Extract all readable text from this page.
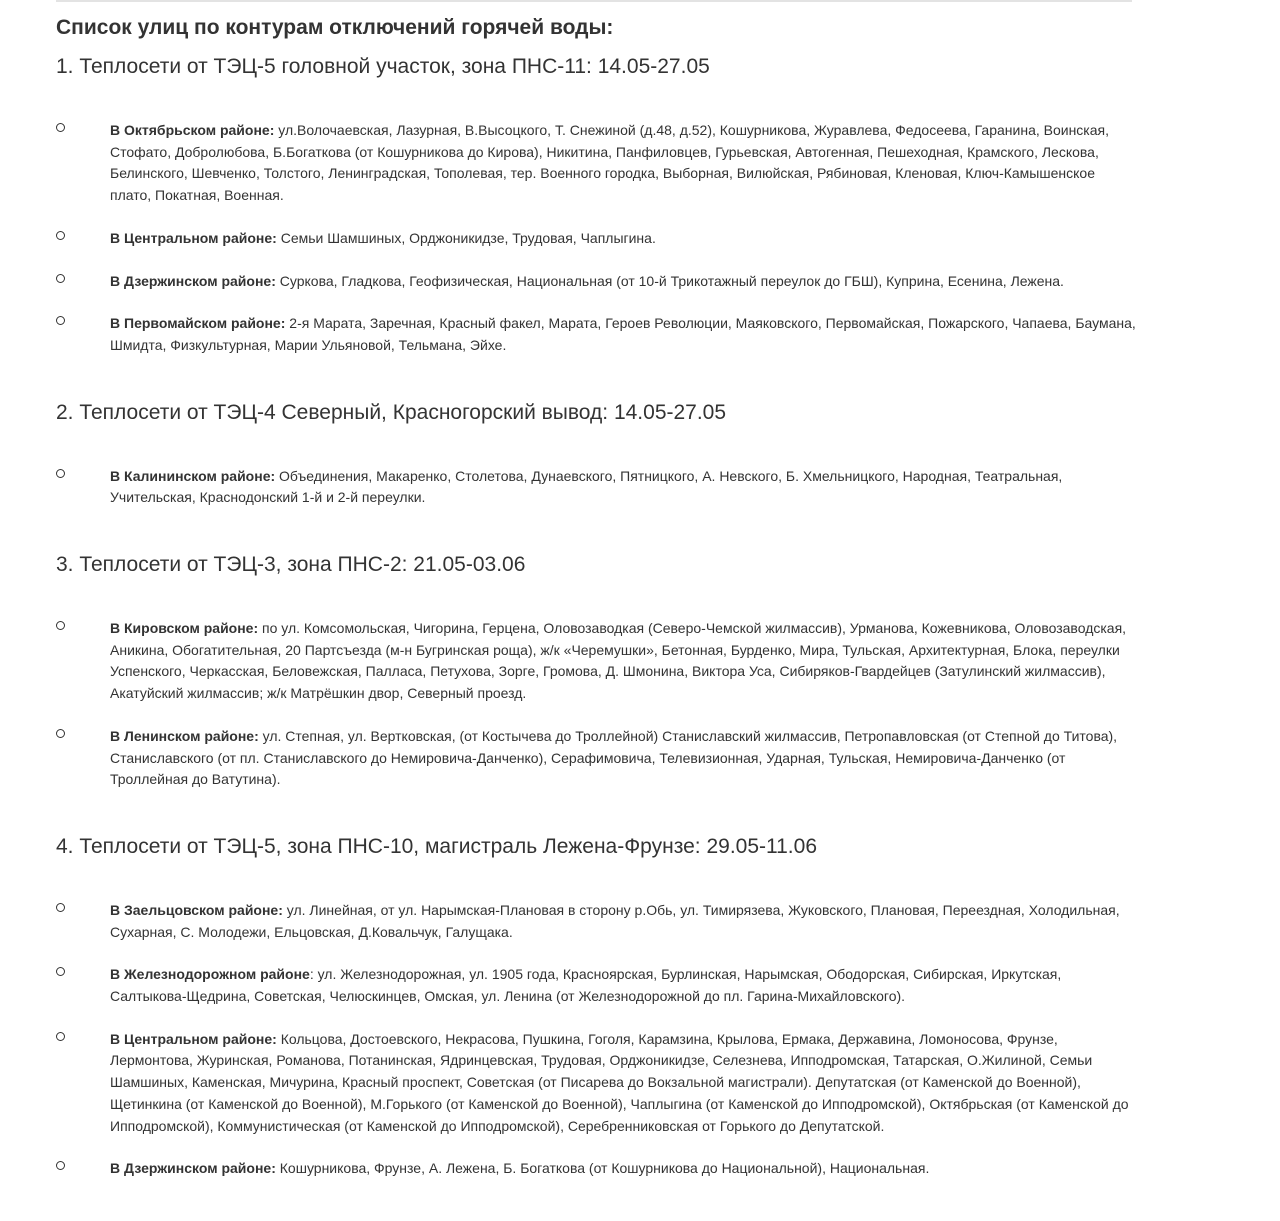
Список улиц по контурам отключений горячей воды:
1. Теплосети от ТЭЦ-5 головной участок, зона ПНС-11: 14.05-27.05
В Октябрьском районе: ул.Волочаевская, Лазурная, В.Высоцкого, Т. Снежиной (д.48, д.52), Кошурникова, Журавлева, Федосеева, Гаранина, Воинская, Стофато, Добролюбова, Б.Богаткова (от Кошурникова до Кирова), Никитина, Панфиловцев, Гурьевская, Автогенная, Пешеходная, Крамского, Лескова, Белинского, Шевченко, Толстого, Ленинградская, Тополевая, тер. Военного городка, Выборная, Вилюйская, Рябиновая, Кленовая, Ключ-Камышенское плато, Покатная, Военная.
В Центральном районе: Семьи Шамшиных, Орджоникидзе, Трудовая, Чаплыгина.
В Дзержинском районе: Суркова, Гладкова, Геофизическая, Национальная (от 10-й Трикотажный переулок до ГБШ), Куприна, Есенина, Лежена.
В Первомайском районе: 2-я Марата, Заречная, Красный факел, Марата, Героев Революции, Маяковского, Первомайская, Пожарского, Чапаева, Баумана, Шмидта, Физкультурная, Марии Ульяновой, Тельмана, Эйхе.
2. Теплосети от ТЭЦ-4 Северный, Красногорский вывод: 14.05-27.05
В Калининском районе: Объединения, Макаренко, Столетова, Дунаевского, Пятницкого, А. Невского, Б. Хмельницкого, Народная, Театральная, Учительская, Краснодонский 1-й и 2-й переулки.
3. Теплосети от ТЭЦ-3, зона ПНС-2: 21.05-03.06
В Кировском районе: по ул. Комсомольская, Чигорина, Герцена, Оловозаводкая (Северо-Чемской жилмассив), Урманова, Кожевникова, Оловозаводская, Аникина, Обогатительная, 20 Партсъезда (м-н Бугринская роща), ж/к «Черемушки», Бетонная, Бурденко, Мира, Тульская, Архитектурная, Блока, переулки Успенского, Черкасская, Беловежская, Палласа, Петухова, Зорге, Громова, Д. Шмонина, Виктора Уса, Сибиряков-Гвардейцев (Затулинский жилмассив), Акатуйский жилмассив; ж/к Матрёшкин двор, Северный проезд.
В Ленинском районе: ул. Степная, ул. Вертковская, (от Костычева до Троллейной) Станиславский жилмассив, Петропавловская (от Степной до Титова), Станиславского (от пл. Станиславского до Немировича-Данченко), Серафимовича, Телевизионная, Ударная, Тульская, Немировича-Данченко (от Троллейная до Ватутина).
4. Теплосети от ТЭЦ-5, зона ПНС-10, магистраль Лежена-Фрунзе: 29.05-11.06
В Заельцовском районе: ул. Линейная, от ул. Нарымская-Плановая в сторону р.Обь, ул. Тимирязева, Жуковского, Плановая, Переездная, Холодильная, Сухарная, С. Молодежи, Ельцовская, Д.Ковальчук, Галущака.
В Железнодорожном районе: ул. Железнодорожная, ул. 1905 года, Красноярская, Бурлинская, Нарымская, Ободорская, Сибирская, Иркутская, Салтыкова-Щедрина, Советская, Челюскинцев, Омская, ул. Ленина (от Железнодорожной до пл. Гарина-Михайловского).
В Центральном районе: Кольцова, Достоевского, Некрасова, Пушкина, Гоголя, Карамзина, Крылова, Ермака, Державина, Ломоносова, Фрунзе, Лермонтова, Журинская, Романова, Потанинская, Ядринцевская, Трудовая, Орджоникидзе, Селезнева, Ипподромская, Татарская, О.Жилиной, Семьи Шамшиных, Каменская, Мичурина, Красный проспект, Советская (от Писарева до Вокзальной магистрали). Депутатская (от Каменской до Военной), Щетинкина (от Каменской до Военной), М.Горького (от Каменской до Военной), Чаплыгина (от Каменской до Ипподромской), Октябрьская (от Каменской до Ипподромской), Коммунистическая (от Каменской до Ипподромской), Серебренниковская от Горького до Депутатской.
В Дзержинском районе: Кошурникова, Фрунзе, А. Лежена, Б. Богаткова (от Кошурникова до Национальной), Национальная.
